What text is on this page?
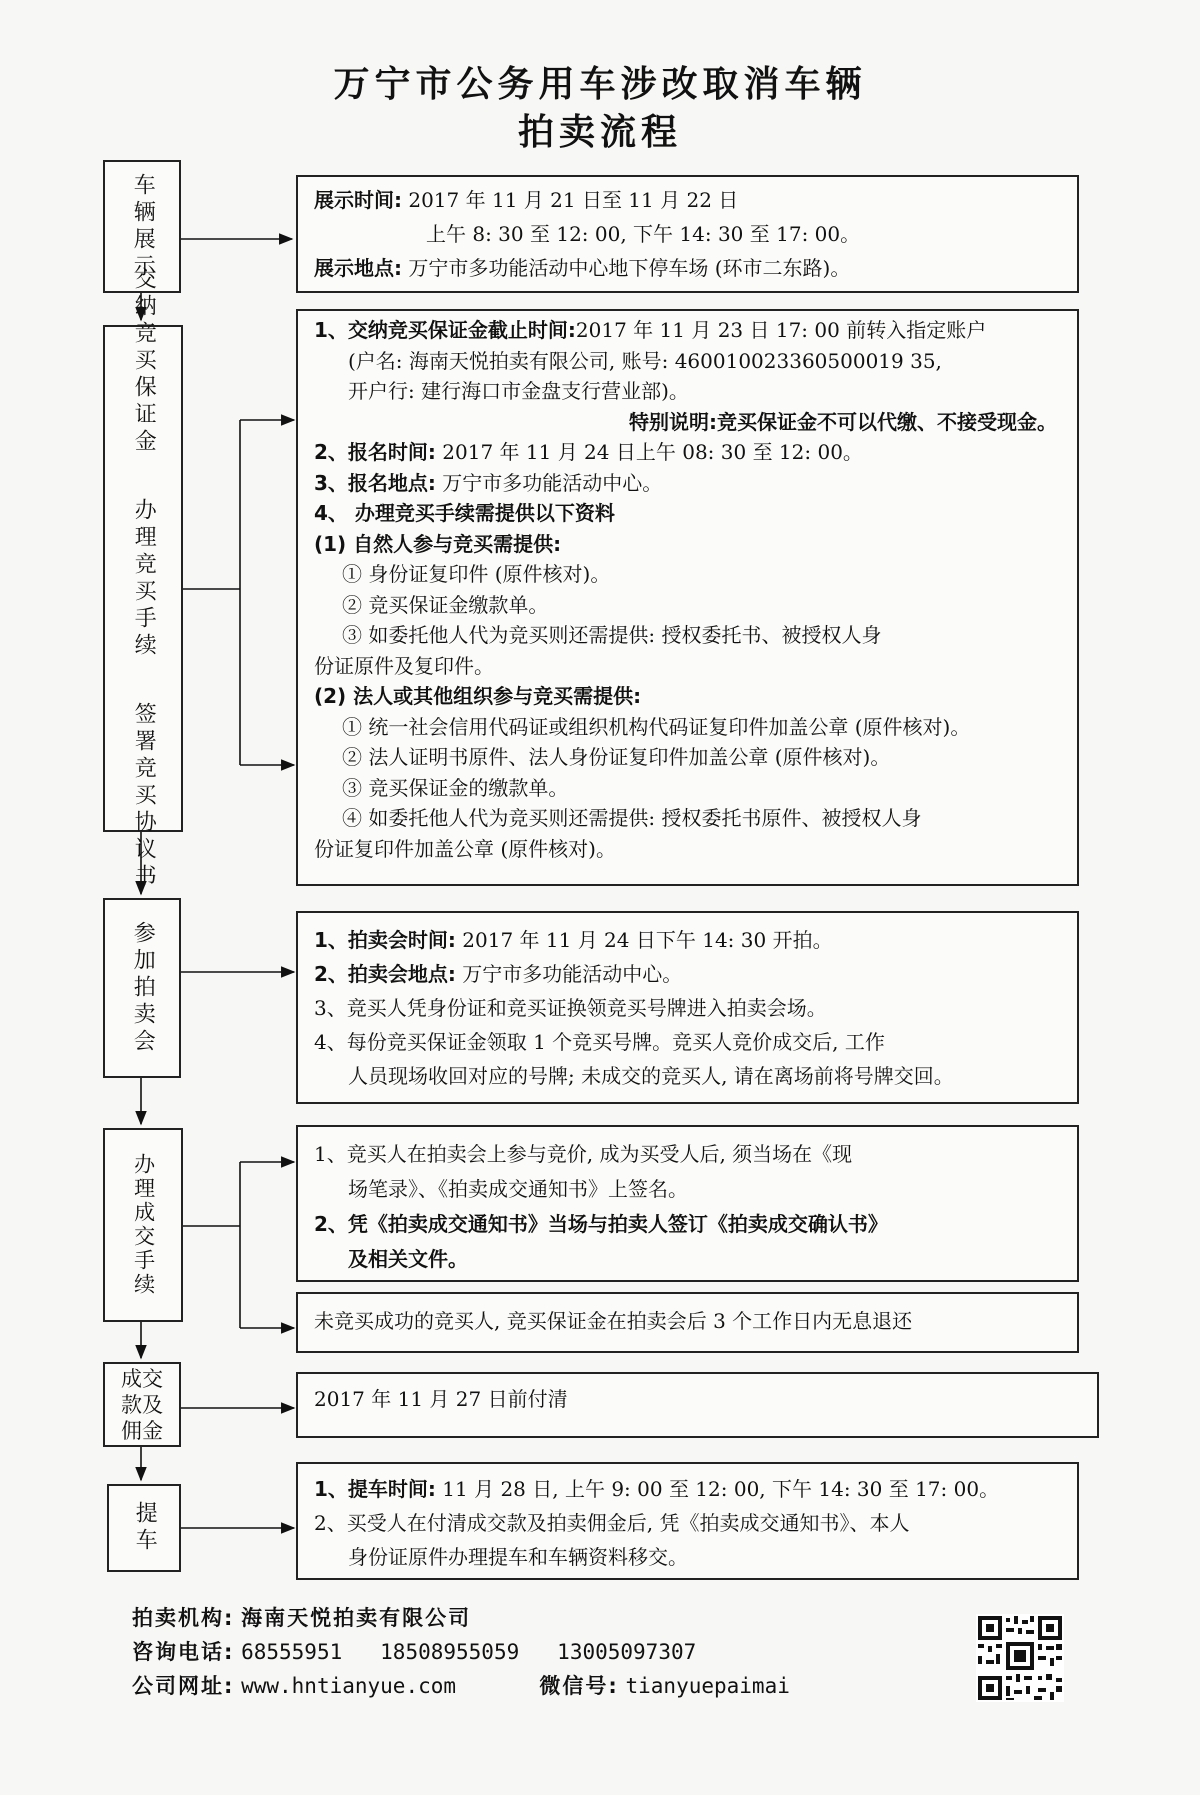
万宁市公务用车涉改取消车辆
拍卖流程
车辆展示
交纳竞买保证金
办理竞买手续
签署竞买协议书
参加拍卖会
办理成交手续
成交
款及
佣金
提车

展示时间: 2017 年 11 月 21 日至 11 月 22 日

上午 8: 30 至 12: 00, 下午 14: 30 至 17: 00。

展示地点: 万宁市多功能活动中心地下停车场 (环市二东路)。

1、交纳竞买保证金截止时间:2017 年 11 月 23 日 17: 00 前转入指定账户

(户名: 海南天悦拍卖有限公司, 账号: 460010023360500019 35,

开户行: 建行海口市金盘支行营业部)。

特别说明:竞买保证金不可以代缴、不接受现金。

2、报名时间: 2017 年 11 月 24 日上午 08: 30 至 12: 00。

3、报名地点: 万宁市多功能活动中心。

4、 办理竞买手续需提供以下资料

(1) 自然人参与竞买需提供:

① 身份证复印件 (原件核对)。

② 竞买保证金缴款单。

③ 如委托他人代为竞买则还需提供: 授权委托书、被授权人身

份证原件及复印件。

(2) 法人或其他组织参与竞买需提供:

① 统一社会信用代码证或组织机构代码证复印件加盖公章 (原件核对)。

② 法人证明书原件、法人身份证复印件加盖公章 (原件核对)。

③ 竞买保证金的缴款单。

④ 如委托他人代为竞买则还需提供: 授权委托书原件、被授权人身

份证复印件加盖公章 (原件核对)。

1、拍卖会时间: 2017 年 11 月 24 日下午 14: 30 开拍。

2、拍卖会地点: 万宁市多功能活动中心。

3、竞买人凭身份证和竞买证换领竞买号牌进入拍卖会场。

4、每份竞买保证金领取 1 个竞买号牌。竞买人竞价成交后, 工作

人员现场收回对应的号牌; 未成交的竞买人, 请在离场前将号牌交回。

1、竞买人在拍卖会上参与竞价, 成为买受人后, 须当场在《现

场笔录》、《拍卖成交通知书》上签名。

2、凭《拍卖成交通知书》当场与拍卖人签订《拍卖成交确认书》

及相关文件。

未竞买成功的竞买人, 竞买保证金在拍卖会后 3 个工作日内无息退还

2017 年 11 月 27 日前付清

1、提车时间: 11 月 28 日, 上午 9: 00 至 12: 00, 下午 14: 30 至 17: 00。

2、买受人在付清成交款及拍卖佣金后, 凭《拍卖成交通知书》、本人

身份证原件办理提车和车辆资料移交。

拍卖机构: 海南天悦拍卖有限公司
咨询电话: 68555951   18508955059   13005097307
公司网址: www.hntianyue.com	微信号: tianyuepaimai
